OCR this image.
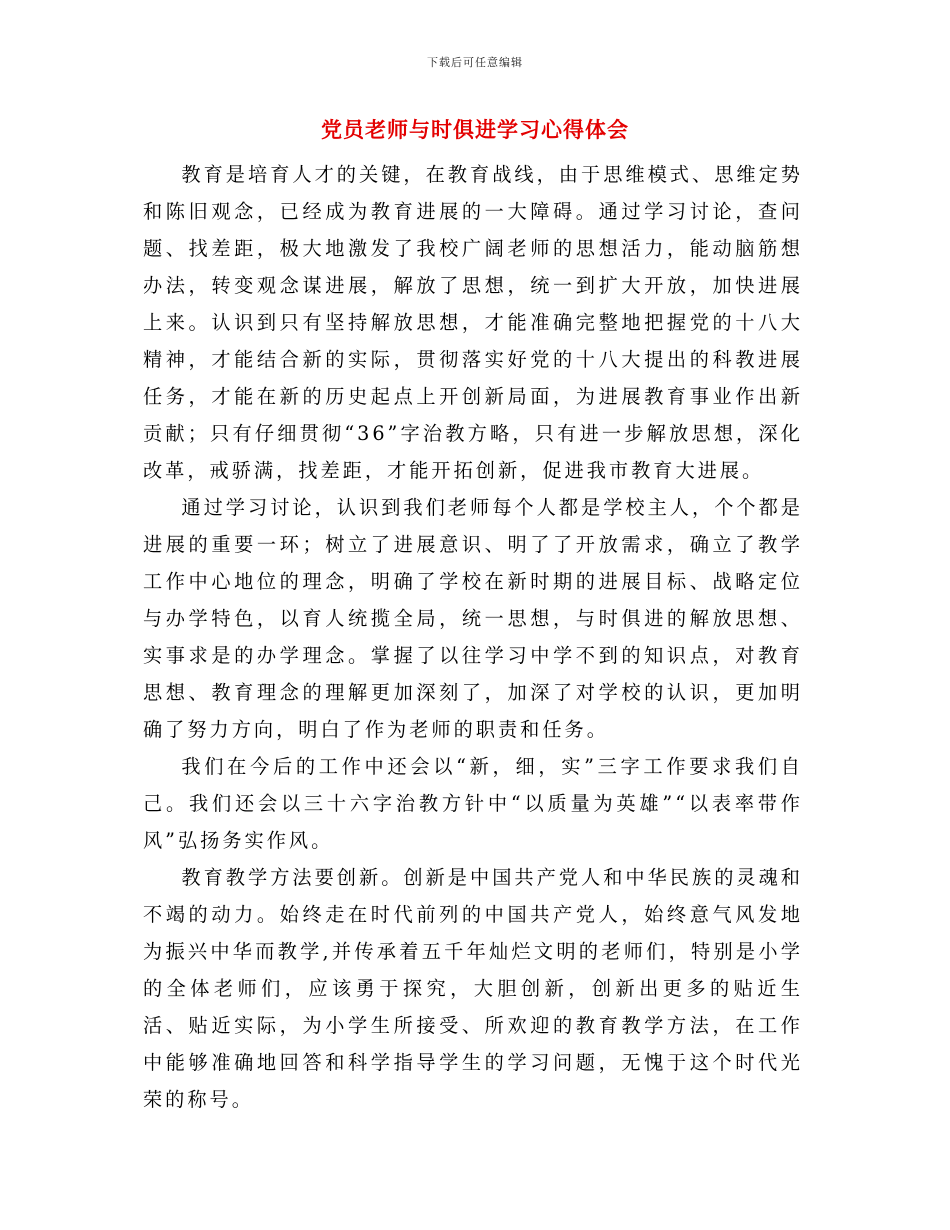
下载后可任意编辑
党员老师与时俱进学习心得体会

教育是培育人才的关键，在教育战线，由于思维模式、思维定势和陈旧观念，已经成为教育进展的一大障碍。通过学习讨论，查问题、找差距，极大地激发了我校广阔老师的思想活力，能动脑筋想办法，转变观念谋进展，解放了思想，统一到扩大开放，加快进展上来。认识到只有坚持解放思想，才能准确完整地把握党的十八大精神，才能结合新的实际，贯彻落实好党的十八大提出的科教进展任务，才能在新的历史起点上开创新局面，为进展教育事业作出新贡献；只有仔细贯彻“36”字治教方略，只有进一步解放思想，深化改革，戒骄满，找差距，才能开拓创新，促进我市教育大进展。

通过学习讨论，认识到我们老师每个人都是学校主人，个个都是进展的重要一环；树立了进展意识、明了了开放需求，确立了教学工作中心地位的理念，明确了学校在新时期的进展目标、战略定位与办学特色，以育人统揽全局，统一思想，与时俱进的解放思想、实事求是的办学理念。掌握了以往学习中学不到的知识点，对教育思想、教育理念的理解更加深刻了，加深了对学校的认识，更加明确了努力方向，明白了作为老师的职责和任务。

我们在今后的工作中还会以“新，细，实”三字工作要求我们自己。我们还会以三十六字治教方针中“以质量为英雄”“以表率带作风”弘扬务实作风。

教育教学方法要创新。创新是中国共产党人和中华民族的灵魂和不竭的动力。始终走在时代前列的中国共产党人，始终意气风发地为振兴中华而教学,并传承着五千年灿烂文明的老师们，特别是小学的全体老师们，应该勇于探究，大胆创新，创新出更多的贴近生活、贴近实际，为小学生所接受、所欢迎的教育教学方法，在工作中能够准确地回答和科学指导学生的学习问题，无愧于这个时代光荣的称号。
